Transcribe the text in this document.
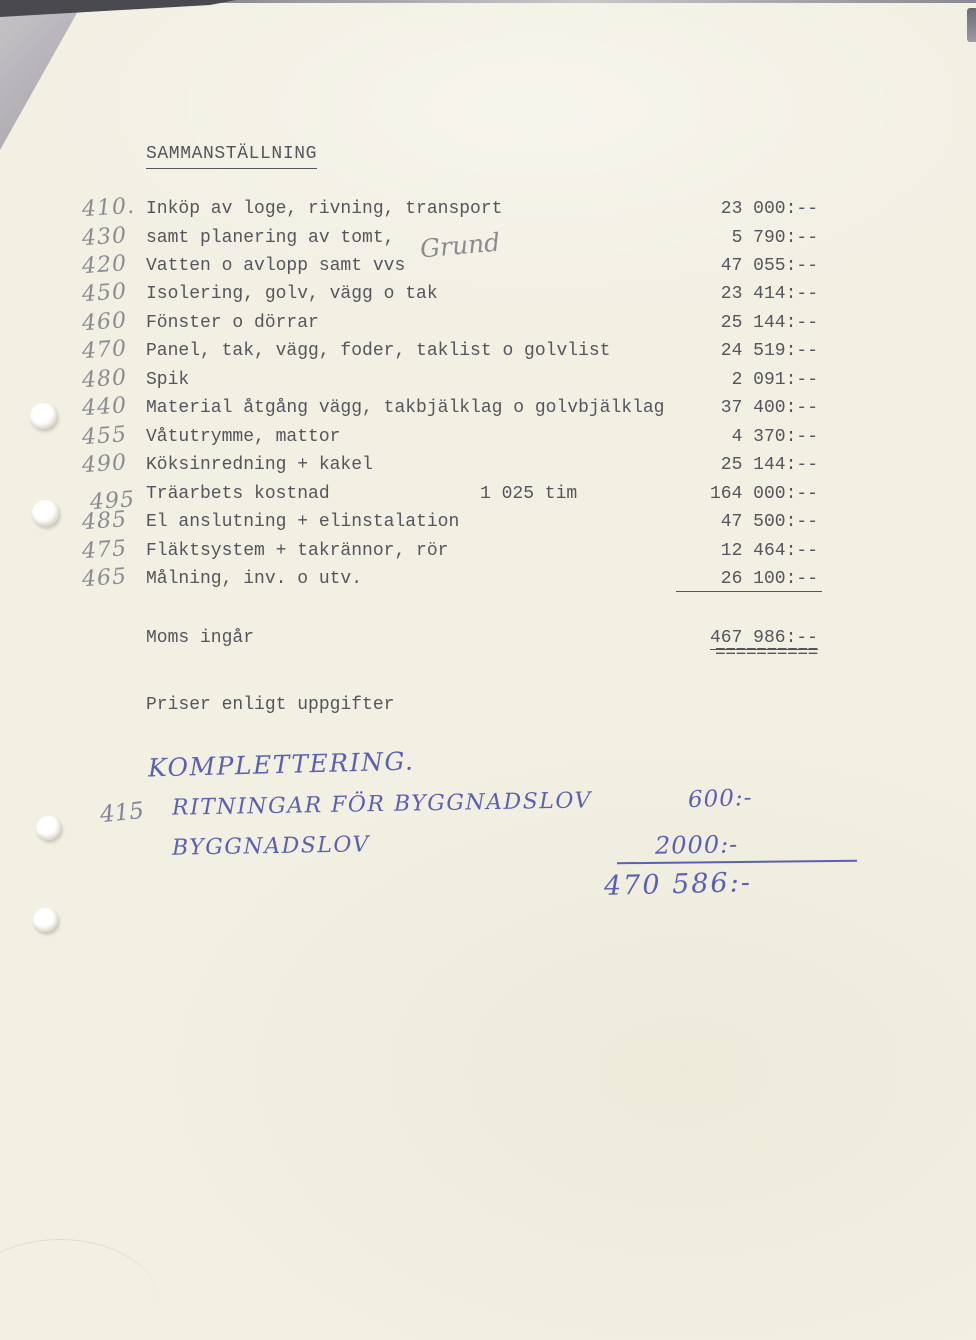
SAMMANSTÄLLNING
410. Inköp av loge, rivning, transport	23 000:--
430	samt planering av tomt, Grund	5 790:--
420	Vatten o avlopp samt vvs	47 055:--
450	Isolering, golv, vägg o tak	23 414:--
460	Fönster o dörrar	25 144:--
470	Panel, tak, vägg, foder, taklist o golvlist	24 519:--
480	Spik	2 091:--
440	Material åtgång vägg, takbjälklag o golvbjälklag	37 400:--
455	Våtutrymme, mattor	4 370:--
490	Köksinredning + kakel	25 144:--
495 Träarbets kostnad	1 025 tim	164 000:--
485	El anslutning + elinstalation	47 500:--
475	Fläktsystem + takrännor, rör	12 464:--
465	Målning, inv. o utv.	26 100:--
Moms ingår	467 986:--
==========
Priser enligt uppgifter
KOMPLETTERING.
415 RITNINGAR FÖR BYGGNADSLOV	600:-
BYGGNADSLOV	2000:-
470 586:-
